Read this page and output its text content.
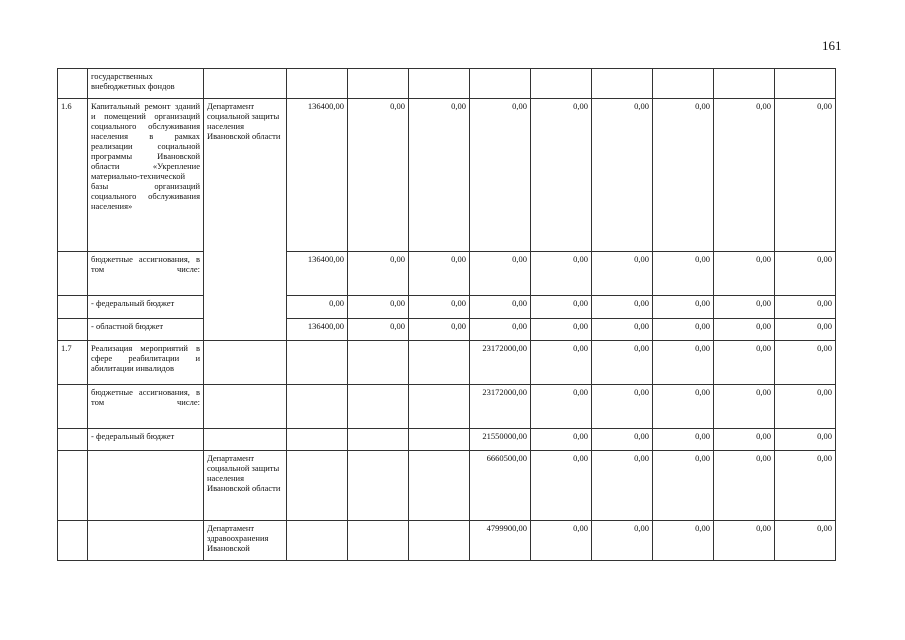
161
	государственных внебюджетных фондов										
1.6	Капитальный ремонт зданий и помещений организаций социального обслуживания населения в рамках реализации социальной программы Ивановской области «Укрепление материально-технической базы организаций социального обслуживания населения»	Департамент социальной защиты населения Ивановской области	136400,00	0,00	0,00	0,00	0,00	0,00	0,00	0,00	0,00
	бюджетные ассигнования, в том числе:		136400,00	0,00	0,00	0,00	0,00	0,00	0,00	0,00	0,00
	- федеральный бюджет		0,00	0,00	0,00	0,00	0,00	0,00	0,00	0,00	0,00
	- областной бюджет		136400,00	0,00	0,00	0,00	0,00	0,00	0,00	0,00	0,00
1.7	Реализация мероприятий в сфере реабилитации и абилитации инвалидов					23172000,00	0,00	0,00	0,00	0,00	0,00
	бюджетные ассигнования, в том числе:					23172000,00	0,00	0,00	0,00	0,00	0,00
	- федеральный бюджет					21550000,00	0,00	0,00	0,00	0,00	0,00
		Департамент социальной защиты населения Ивановской области				6660500,00	0,00	0,00	0,00	0,00	0,00
		Департамент здравоохранения Ивановской				4799900,00	0,00	0,00	0,00	0,00	0,00
